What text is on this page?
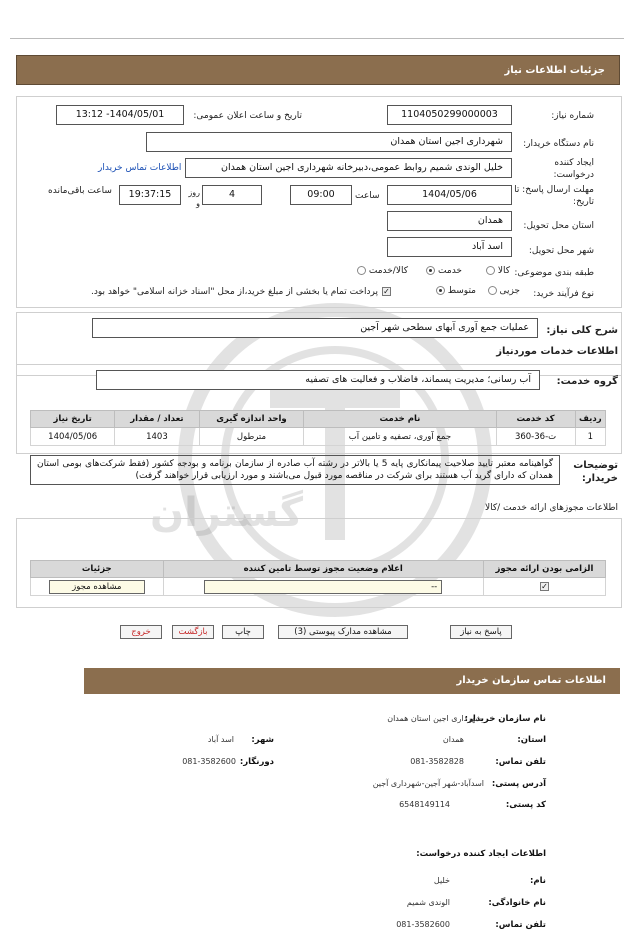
گستران
جزئیات اطلاعات نیاز
شماره نیاز:
1104050299000003
تاریخ و ساعت اعلان عمومی:
1404/05/01- 13:12
نام دستگاه خریدار:
شهرداری اجین استان همدان
ایجاد کننده درخواست:
خلیل الوندی شمیم روابط عمومی،دبیرخانه شهرداری اجین استان همدان
اطلاعات تماس خریدار
مهلت ارسال پاسخ: تا تاریخ:
1404/05/06
ساعت
09:00
4
روز و
19:37:15
ساعت باقی‌مانده
استان محل تحویل:
همدان
شهر محل تحویل:
اسد آباد
طبقه بندی موضوعی:
کالا
خدمت
کالا/خدمت
نوع فرآیند خرید:
جزیی
متوسط
✓
پرداخت تمام یا بخشی از مبلغ خرید،از محل "اسناد خزانه اسلامی" خواهد بود.
شرح کلی نیاز:
عملیات جمع آوری آبهای سطحی شهر آجین
اطلاعات خدمات موردنیاز
گروه خدمت:
آب رسانی؛ مدیریت پسماند، فاضلاب و فعالیت های تصفیه
ردیف	کد خدمت	نام خدمت	واحد اندازه گیری	تعداد / مقدار	تاریخ نیاز
1	ت-36-360	جمع آوری، تصفیه و تامین آب	مترطول	1403	1404/05/06
توضیحات خریدار:
گواهینامه معتبر تایید صلاحیت پیمانکاری پایه 5 یا بالاتر در رشته آب صادره از سازمان برنامه و بودجه کشور (فقط شرکت‌های بومی استان همدان که دارای گرید آب هستند برای شرکت در مناقصه مورد قبول می‌باشند و مورد ارزیابی قرار خواهند گرفت)
اطلاعات مجوزهای ارائه خدمت /کالا
الزامی بودن ارائه مجوز	اعلام وضعیت مجوز توسط تامین کننده	جزئیات
✓	--	مشاهده مجوز
پاسخ به نیاز
مشاهده مدارک پیوستی (3)
چاپ
بازگشت
خروج
اطلاعات تماس سازمان خریدار
نام سازمان خریدار:
شهرداری اجین استان همدان
استان:
همدان
شهر:
اسد آباد
تلفن تماس:
081-3582828
دورنگار:
081-3582600
آدرس پستی:
اسدآباد-شهر آجین-شهرداری آجین
کد پستی:
6548149114
اطلاعات ایجاد کننده درخواست:
نام:
خلیل
نام خانوادگی:
الوندی شمیم
تلفن تماس:
081-3582600
